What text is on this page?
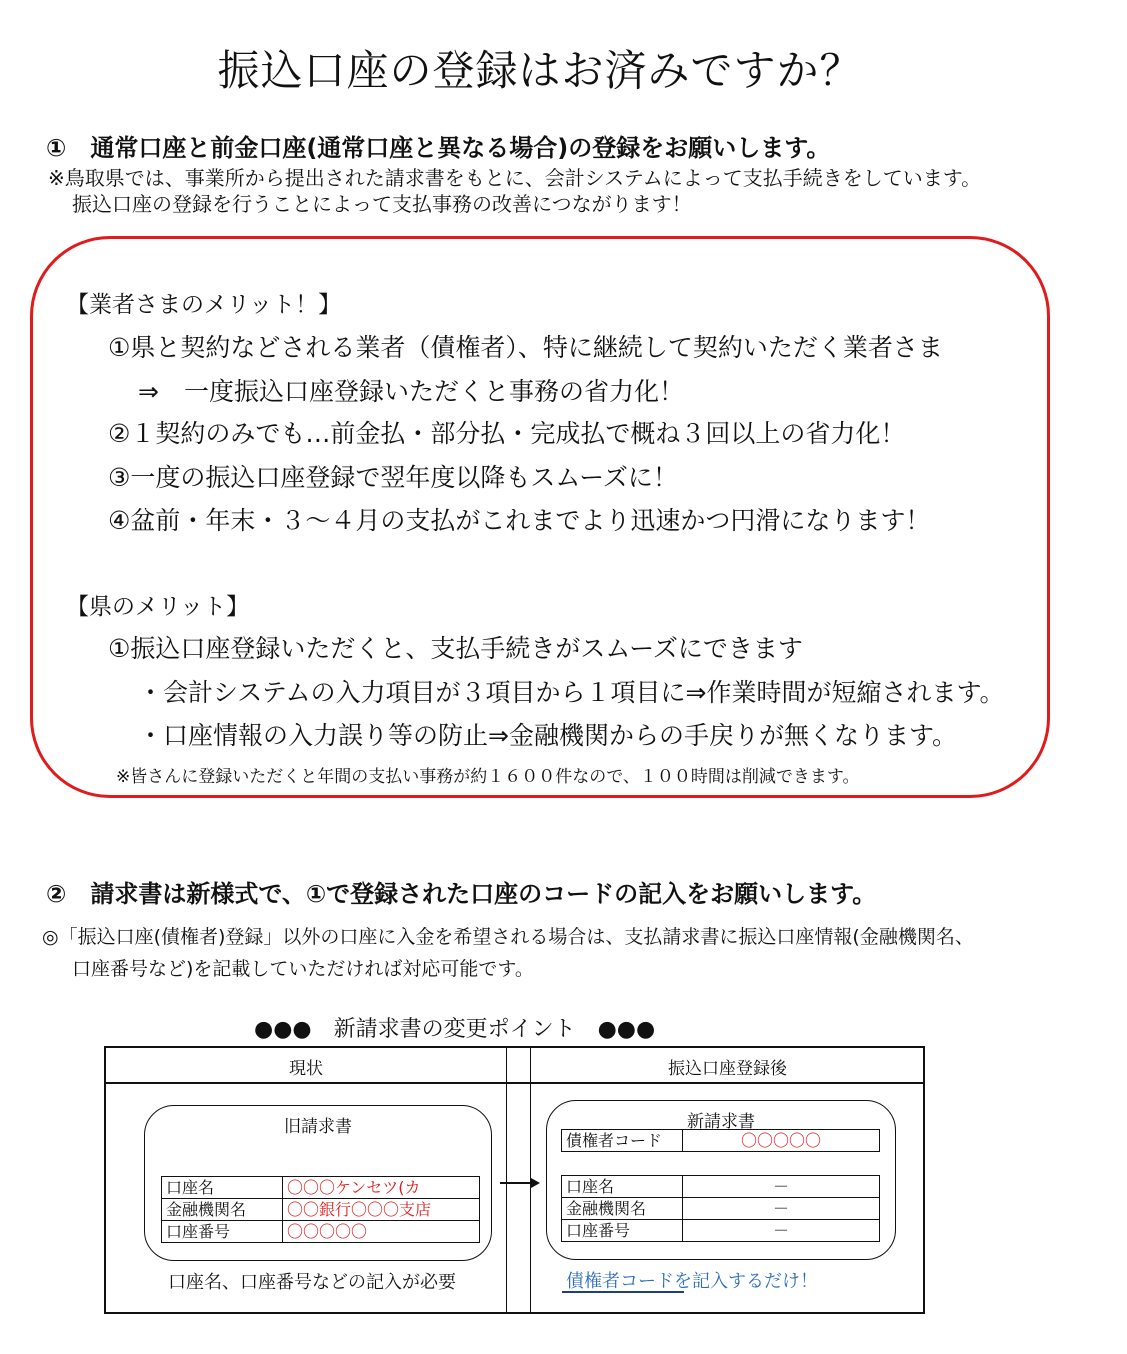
振込口座の登録はお済みですか？
①　通常口座と前金口座(通常口座と異なる場合)の登録をお願いします。
※鳥取県では、事業所から提出された請求書をもとに、会計システムによって支払手続きをしています。
振込口座の登録を行うことによって支払事務の改善につながります！
【業者さまのメリット！】
①県と契約などされる業者（債権者）、特に継続して契約いただく業者さま
⇒　一度振込口座登録いただくと事務の省力化！
②１契約のみでも…前金払・部分払・完成払で概ね３回以上の省力化！
③一度の振込口座登録で翌年度以降もスムーズに！
④盆前・年末・３～４月の支払がこれまでより迅速かつ円滑になります！
【県のメリット】
①振込口座登録いただくと、支払手続きがスムーズにできます
・会計システムの入力項目が３項目から１項目に⇒作業時間が短縮されます。
・口座情報の入力誤り等の防止⇒金融機関からの手戻りが無くなります。
※皆さんに登録いただくと年間の支払い事務が約１６００件なので、１００時間は削減できます。
②　請求書は新様式で、①で登録された口座のコードの記入をお願いします。
◎「振込口座(債権者)登録」以外の口座に入金を希望される場合は、支払請求書に振込口座情報(金融機関名、
口座番号など)を記載していただければ対応可能です。
●●●　新請求書の変更ポイント　●●●
現状	振込口座登録後
旧請求書
口座名	〇〇〇ケンセツ(カ
金融機関名	〇〇銀行〇〇〇支店
口座番号	〇〇〇〇〇
口座名、口座番号などの記入が必要
新請求書
債権者コード	〇〇〇〇〇
口座名	－
金融機関名	－
口座番号	－
債権者コードを記入するだけ！
